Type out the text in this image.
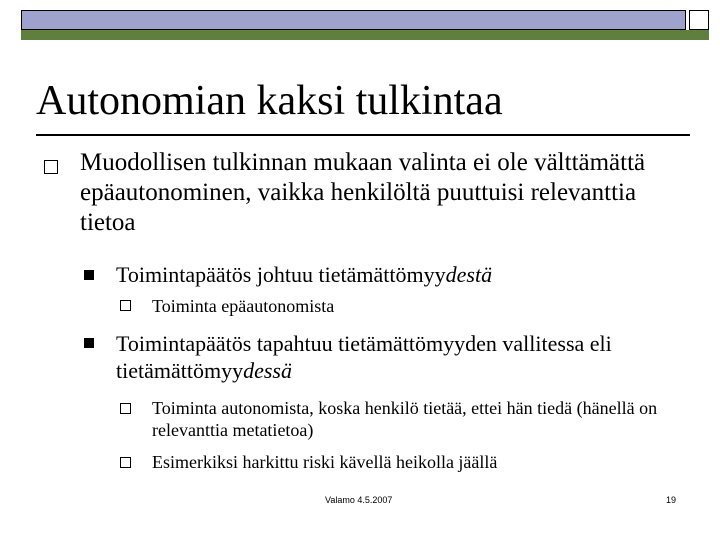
Autonomian kaksi tulkintaa
Muodollisen tulkinnan mukaan valinta ei ole välttämättä epäautonominen, vaikka henkilöltä puuttuisi relevanttia tietoa
Toimintapäätös johtuu tietämättömyydestä
Toiminta epäautonomista
Toimintapäätös tapahtuu tietämättömyyden vallitessa eli tietämättömyydessä
Toiminta autonomista, koska henkilö tietää, ettei hän tiedä (hänellä on relevanttia metatietoa)
Esimerkiksi harkittu riski kävellä heikolla jäällä
Valamo 4.5.2007	19
